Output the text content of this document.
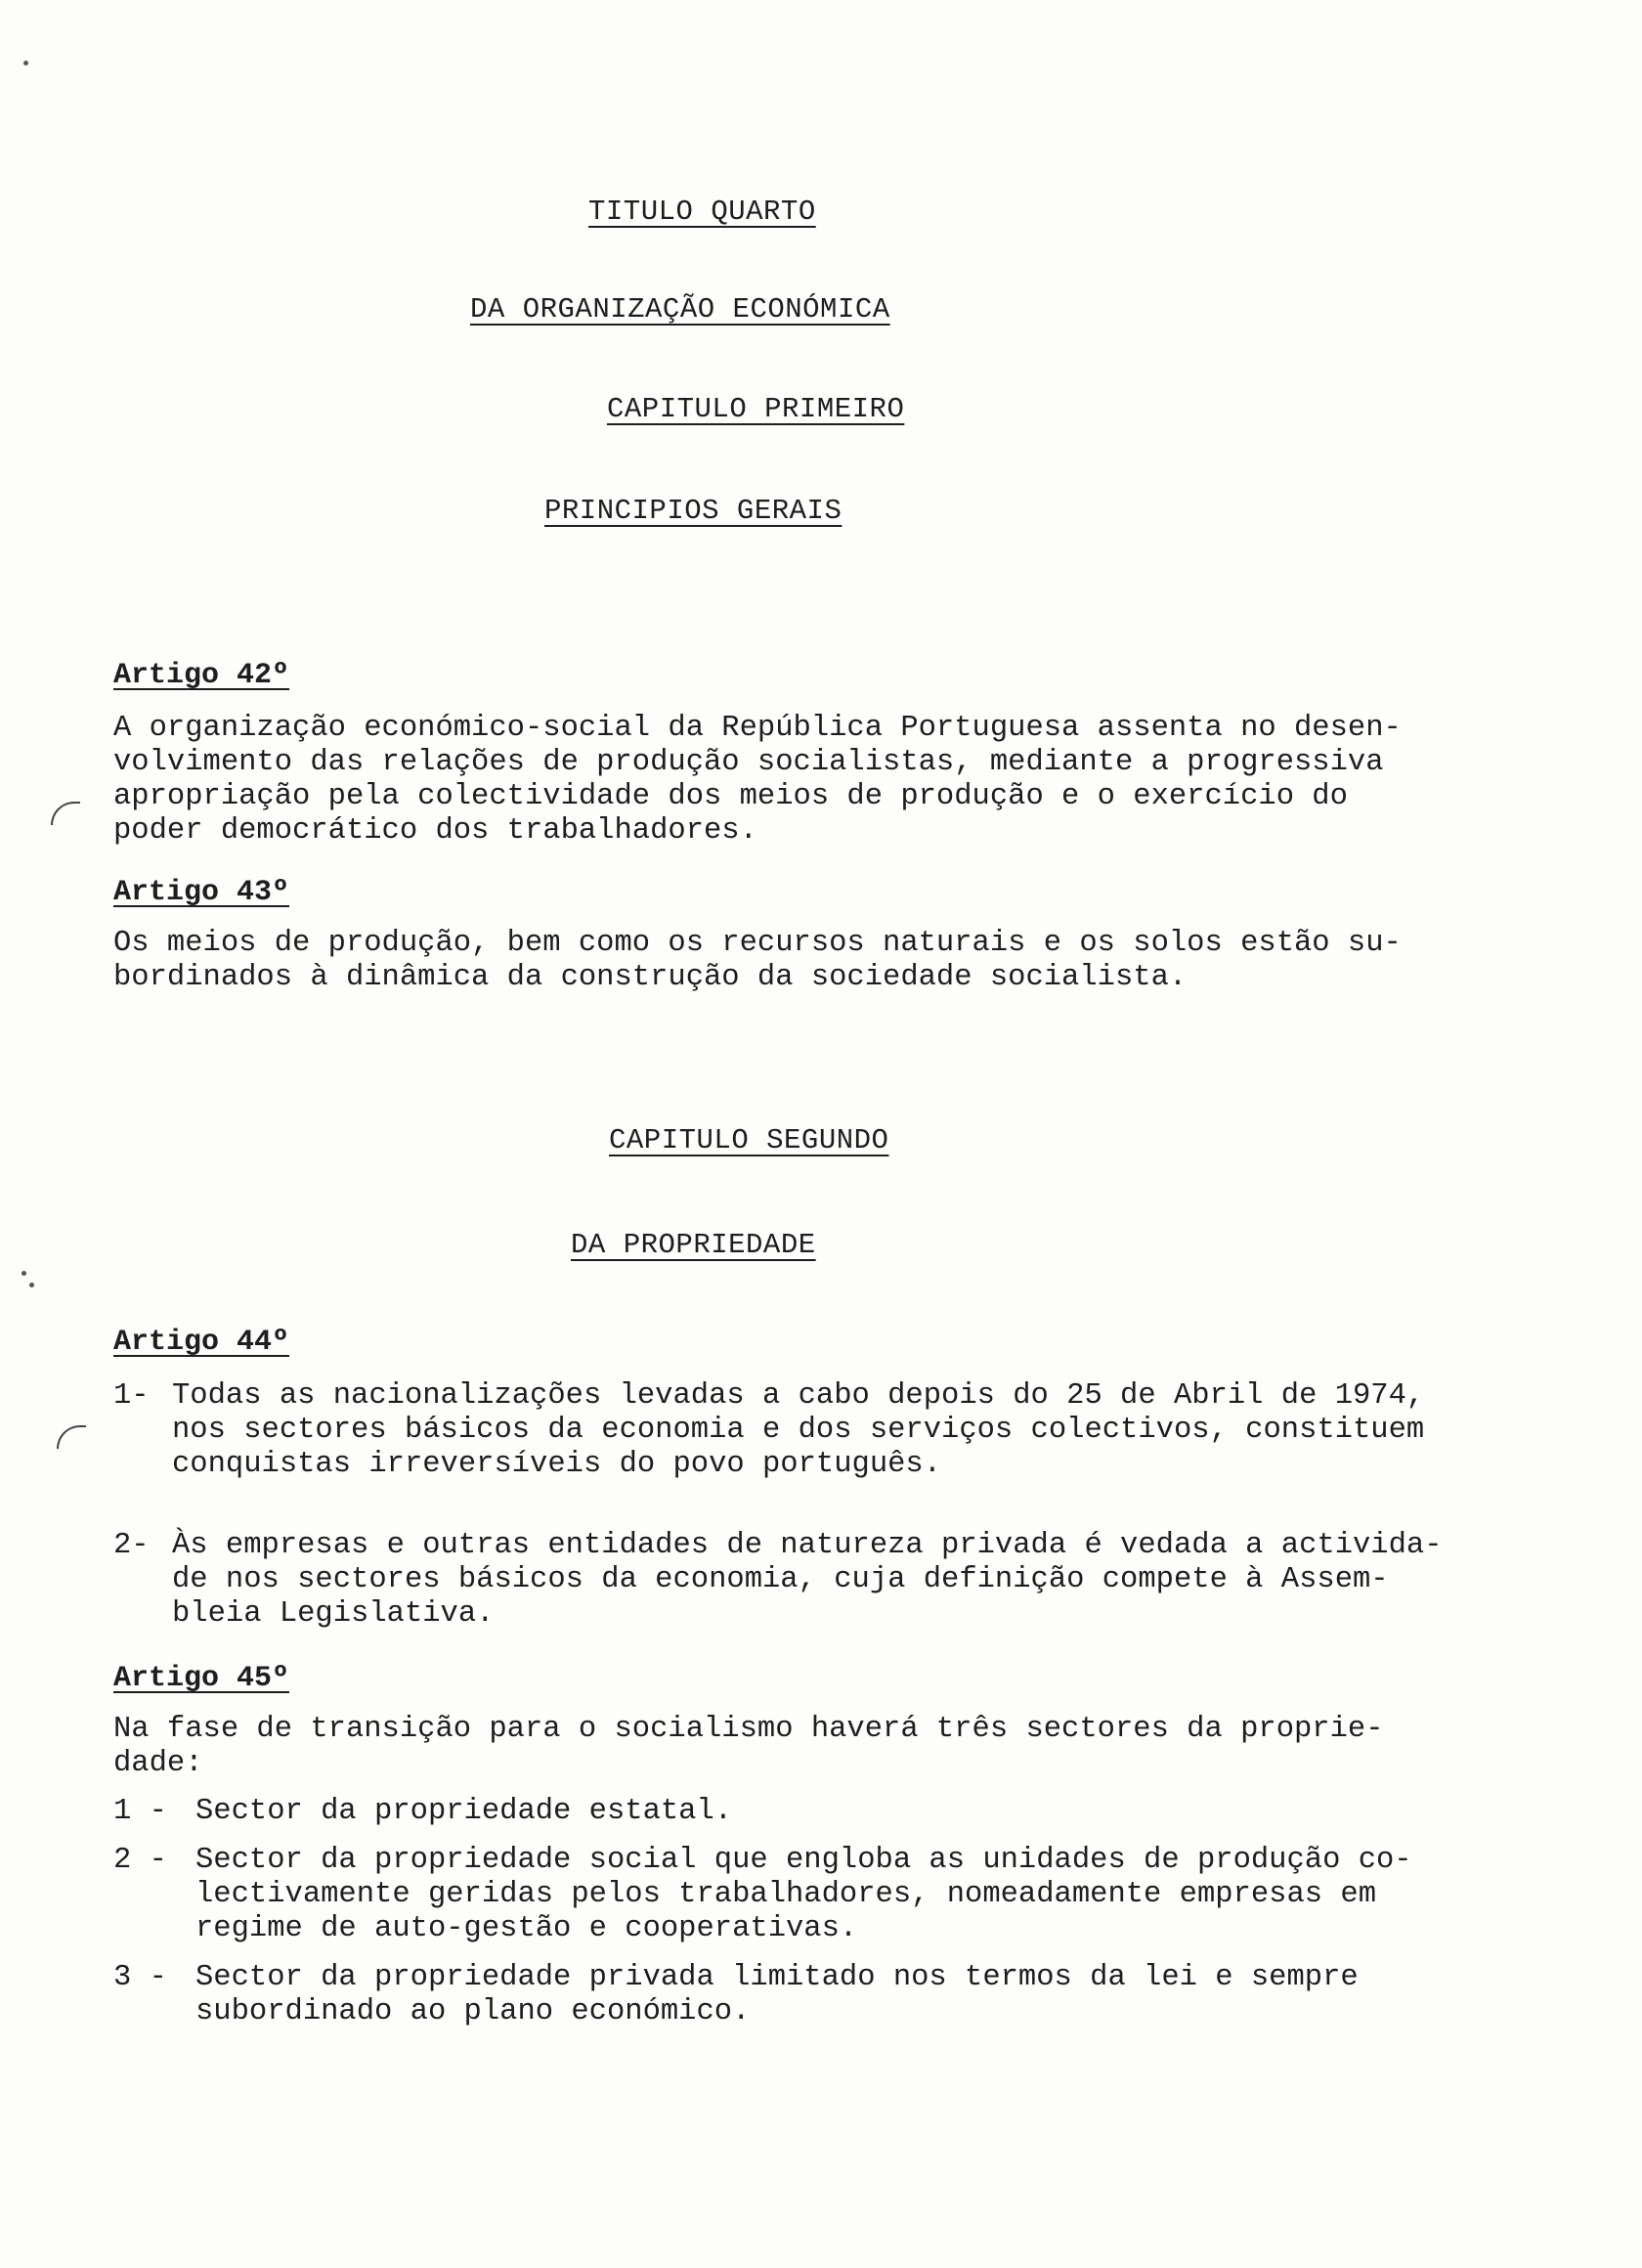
TITULO QUARTO
DA ORGANIZAÇÃO ECONÓMICA
CAPITULO PRIMEIRO
PRINCIPIOS GERAIS
Artigo 42º

A organização económico-social da República Portuguesa assenta no desen-
volvimento das relações de produção socialistas, mediante a progressiva
apropriação pela colectividade dos meios de produção e o exercício do
poder democrático dos trabalhadores.

Artigo 43º

Os meios de produção, bem como os recursos naturais e os solos estão su-
bordinados à dinâmica da construção da sociedade socialista.

CAPITULO SEGUNDO
DA PROPRIEDADE
Artigo 44º
1- Todas as nacionalizações levadas a cabo depois do 25 de Abril de 1974,
nos sectores básicos da economia e dos serviços colectivos, constituem
conquistas irreversíveis do povo português.
2- Às empresas e outras entidades de natureza privada é vedada a activida-
de nos sectores básicos da economia, cuja definição compete à Assem-
bleia Legislativa.
Artigo 45º

Na fase de transição para o socialismo haverá três sectores da proprie-
dade:

1 - Sector da propriedade estatal.
2 - Sector da propriedade social que engloba as unidades de produção co-
lectivamente geridas pelos trabalhadores, nomeadamente empresas em
regime de auto-gestão e cooperativas.
3 - Sector da propriedade privada limitado nos termos da lei e sempre
subordinado ao plano económico.
